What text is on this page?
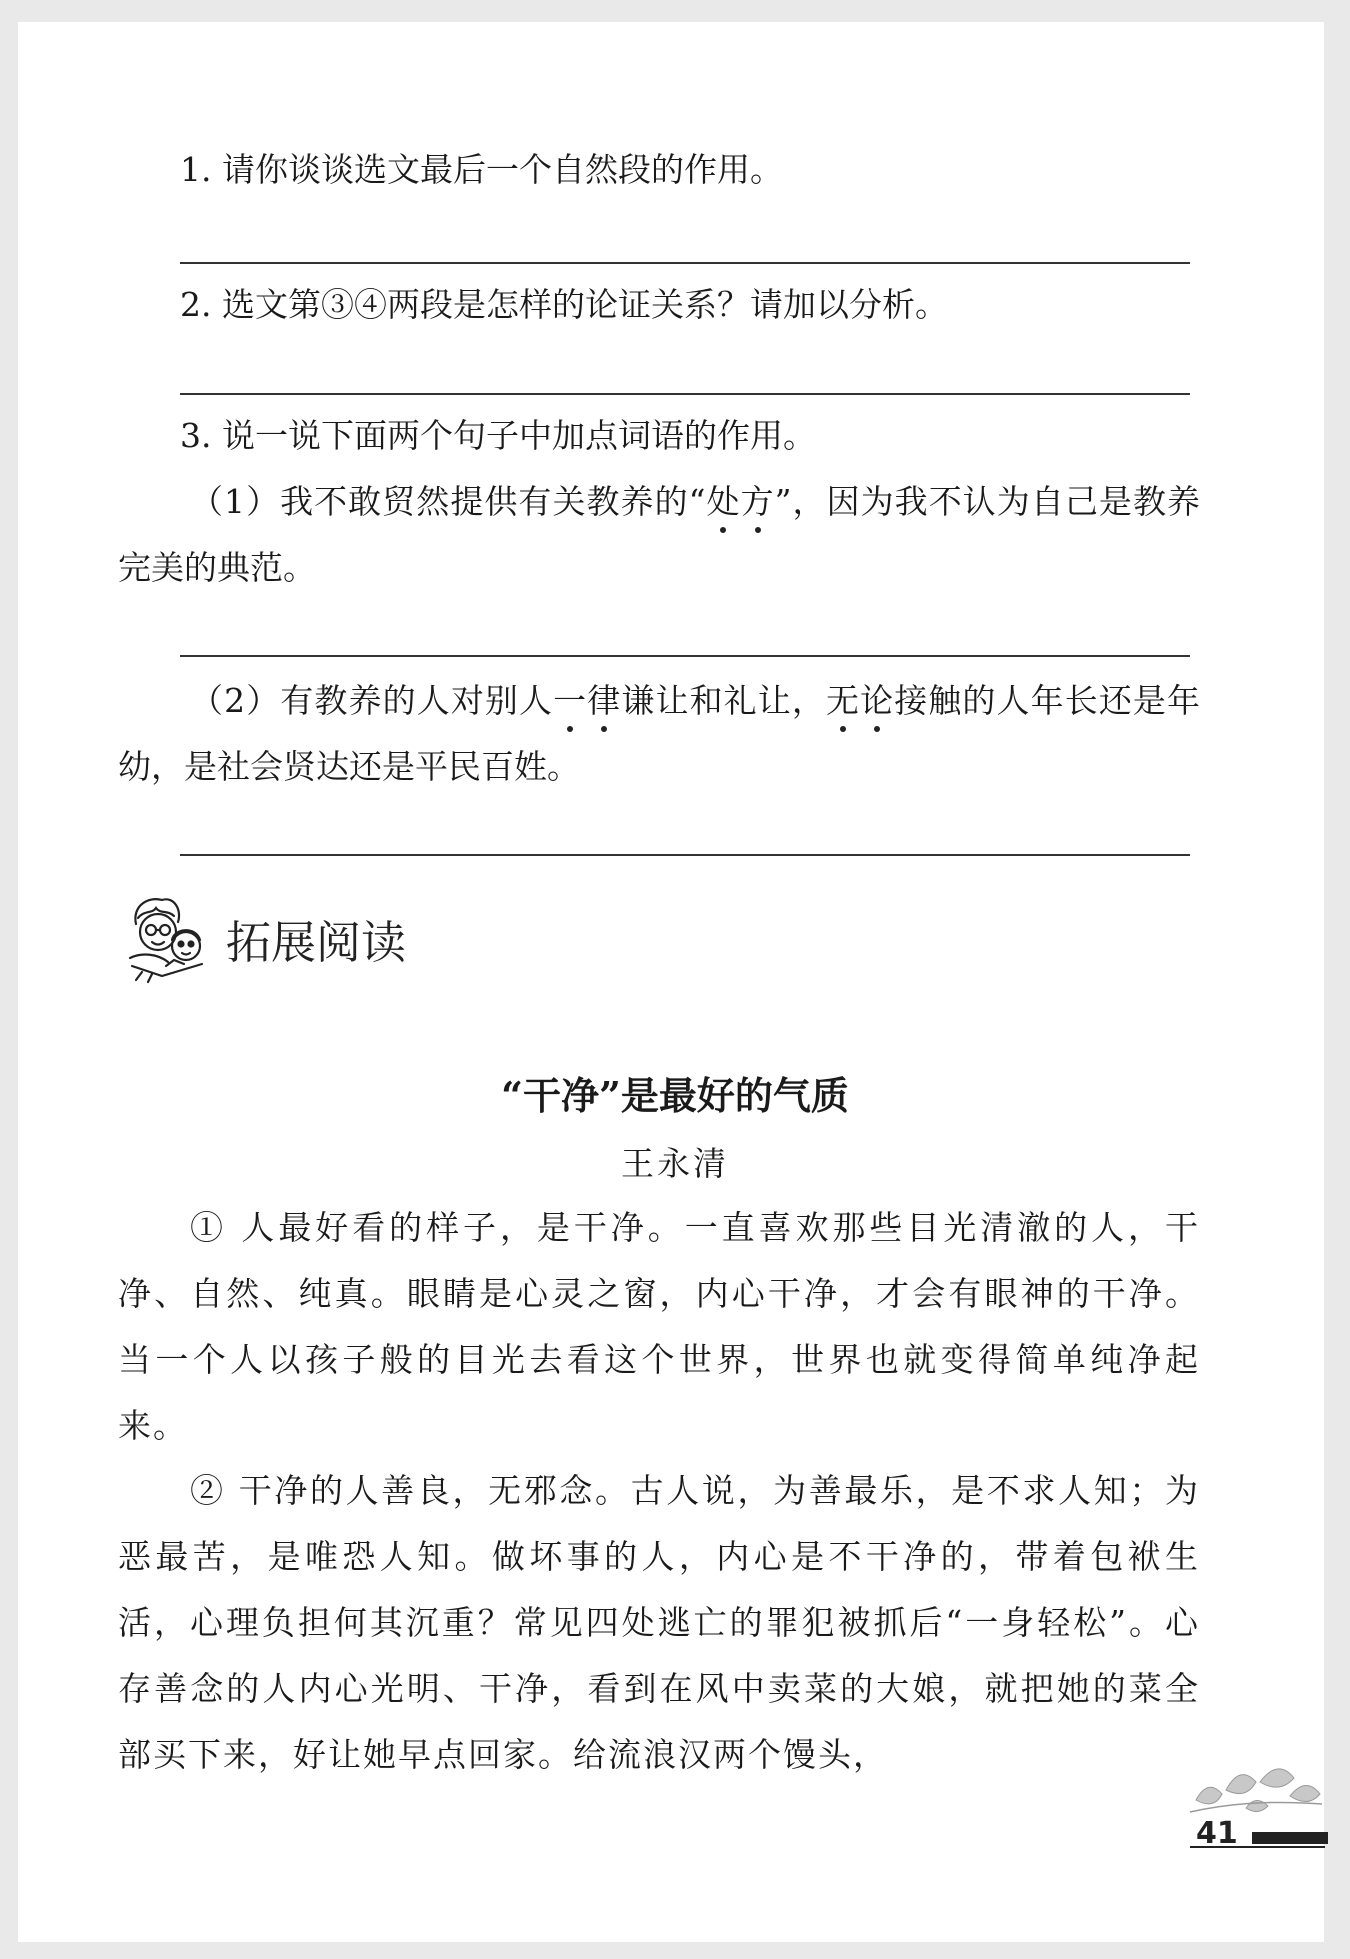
1. 请你谈谈选文最后一个自然段的作用。
2. 选文第③④两段是怎样的论证关系？请加以分析。
3. 说一说下面两个句子中加点词语的作用。
（1）我不敢贸然提供有关教养的“处方”，因为我不认为自己是教养完美的典范。
（2）有教养的人对别人一律谦让和礼让，无论接触的人年长还是年幼，是社会贤达还是平民百姓。
拓展阅读
“干净”是最好的气质
王永清
① 人最好看的样子，是干净。一直喜欢那些目光清澈的人，干净、自然、纯真。眼睛是心灵之窗，内心干净，才会有眼神的干净。当一个人以孩子般的目光去看这个世界，世界也就变得简单纯净起来。
② 干净的人善良，无邪念。古人说，为善最乐，是不求人知；为恶最苦，是唯恐人知。做坏事的人，内心是不干净的，带着包袱生活，心理负担何其沉重？常见四处逃亡的罪犯被抓后“一身轻松”。心存善念的人内心光明、干净，看到在风中卖菜的大娘，就把她的菜全部买下来，好让她早点回家。给流浪汉两个馒头，
41
